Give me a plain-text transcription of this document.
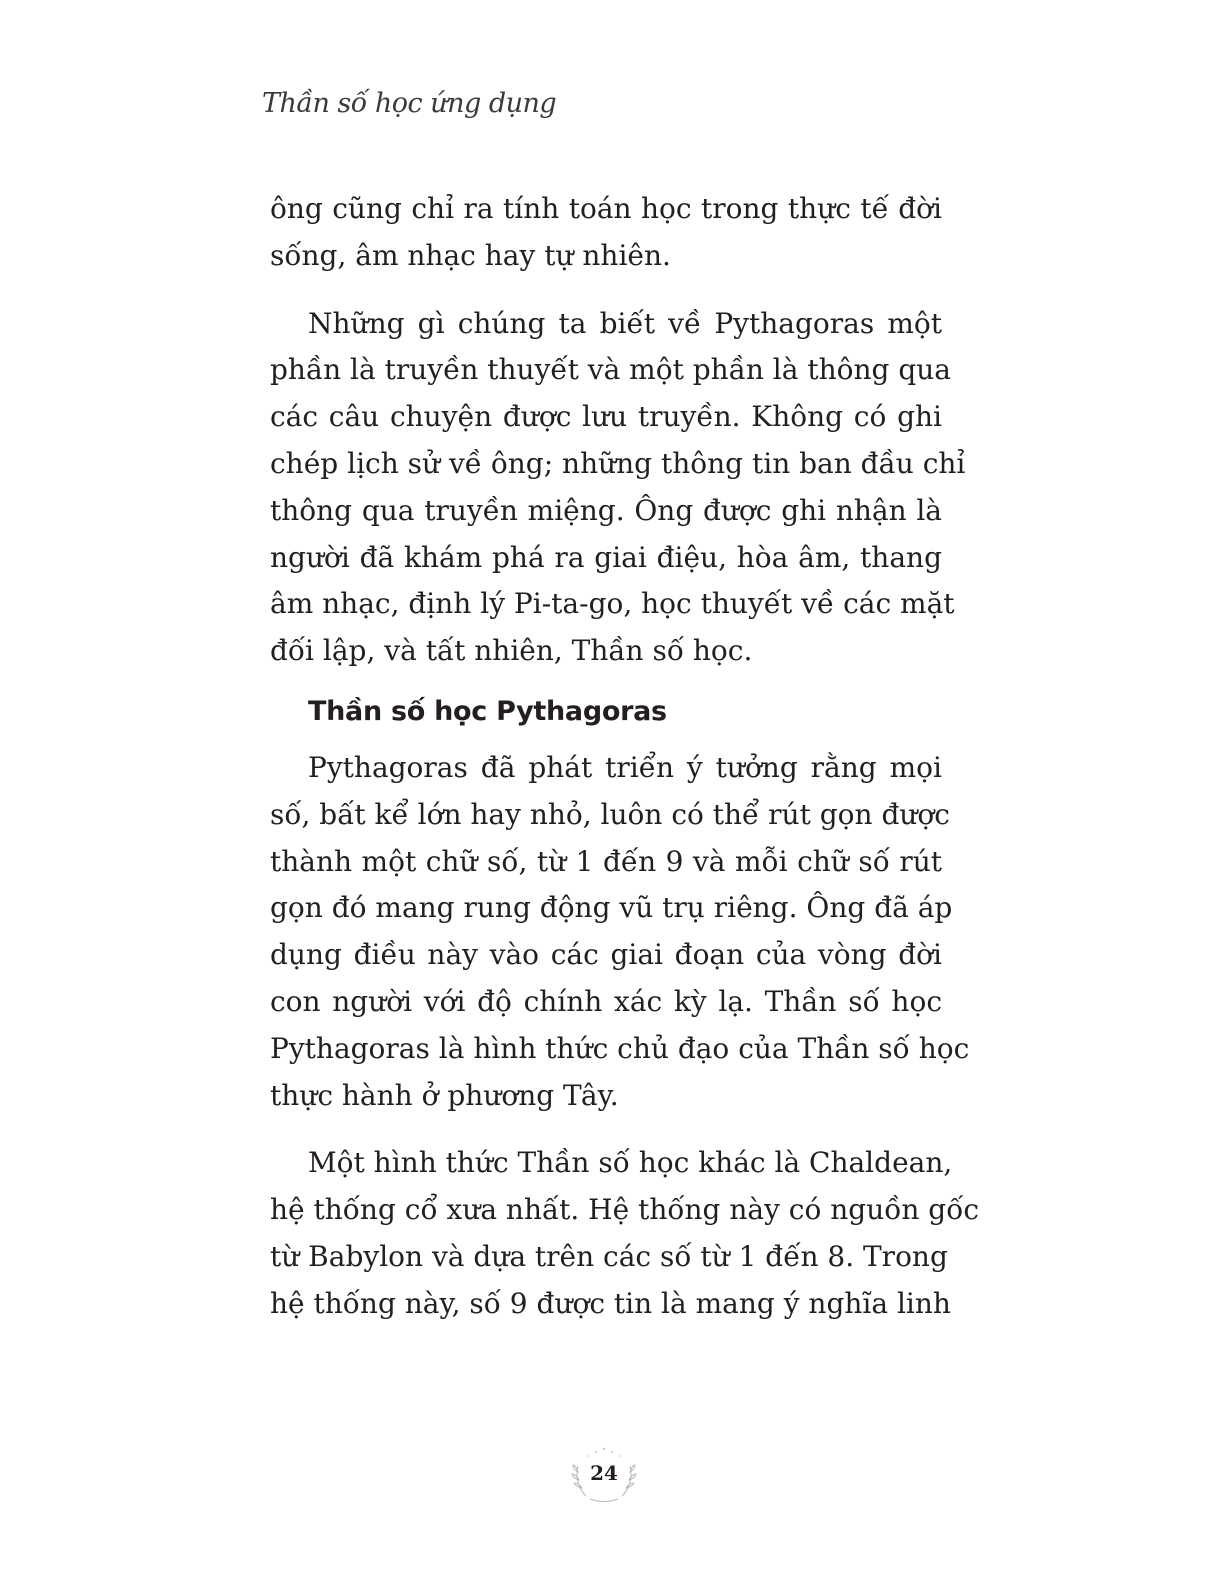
Thần số học ứng dụng

ông cũng chỉ ra tính toán học trong thực tế đời
sống, âm nhạc hay tự nhiên.

Những gì chúng ta biết về Pythagoras một
phần là truyền thuyết và một phần là thông qua
các câu chuyện được lưu truyền. Không có ghi
chép lịch sử về ông; những thông tin ban đầu chỉ
thông qua truyền miệng. Ông được ghi nhận là
người đã khám phá ra giai điệu, hòa âm, thang
âm nhạc, định lý Pi-ta-go, học thuyết về các mặt
đối lập, và tất nhiên, Thần số học.

Thần số học Pythagoras

Pythagoras đã phát triển ý tưởng rằng mọi
số, bất kể lớn hay nhỏ, luôn có thể rút gọn được
thành một chữ số, từ 1 đến 9 và mỗi chữ số rút
gọn đó mang rung động vũ trụ riêng. Ông đã áp
dụng điều này vào các giai đoạn của vòng đời
con người với độ chính xác kỳ lạ. Thần số học
Pythagoras là hình thức chủ đạo của Thần số học
thực hành ở phương Tây.

Một hình thức Thần số học khác là Chaldean,
hệ thống cổ xưa nhất. Hệ thống này có nguồn gốc
từ Babylon và dựa trên các số từ 1 đến 8. Trong
hệ thống này, số 9 được tin là mang ý nghĩa linh

24
